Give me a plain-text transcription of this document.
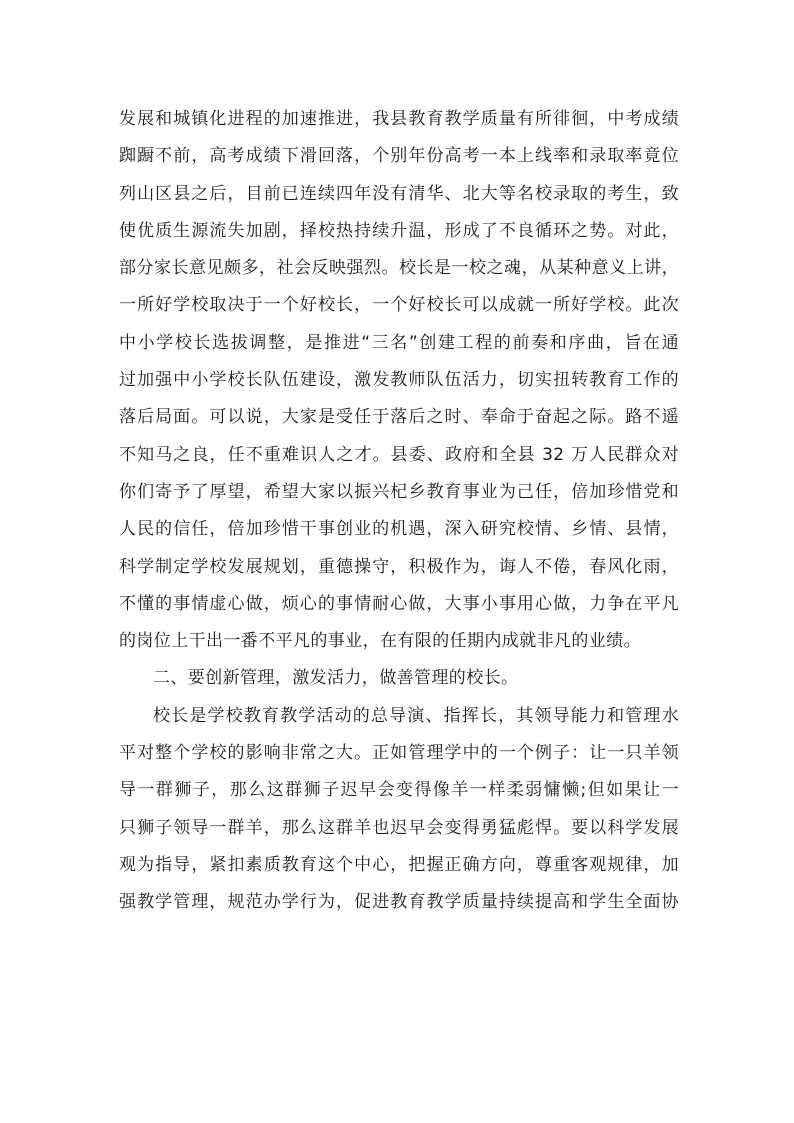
发展和城镇化进程的加速推进，我县教育教学质量有所徘徊，中考成绩
踟蹰不前，高考成绩下滑回落，个别年份高考一本上线率和录取率竟位
列山区县之后，目前已连续四年没有清华、北大等名校录取的考生，致
使优质生源流失加剧，择校热持续升温，形成了不良循环之势。对此，
部分家长意见颇多，社会反映强烈。校长是一校之魂，从某种意义上讲，
一所好学校取决于一个好校长，一个好校长可以成就一所好学校。此次
中小学校长选拔调整，是推进“三名”创建工程的前奏和序曲，旨在通
过加强中小学校长队伍建设，激发教师队伍活力，切实扭转教育工作的
落后局面。可以说，大家是受任于落后之时、奉命于奋起之际。路不遥
不知马之良，任不重难识人之才。县委、政府和全县 32 万人民群众对
你们寄予了厚望，希望大家以振兴杞乡教育事业为己任，倍加珍惜党和
人民的信任，倍加珍惜干事创业的机遇，深入研究校情、乡情、县情，
科学制定学校发展规划，重德操守，积极作为，诲人不倦，春风化雨，
不懂的事情虚心做，烦心的事情耐心做，大事小事用心做，力争在平凡
的岗位上干出一番不平凡的事业，在有限的任期内成就非凡的业绩。
二、要创新管理，激发活力，做善管理的校长。
校长是学校教育教学活动的总导演、指挥长，其领导能力和管理水
平对整个学校的影响非常之大。正如管理学中的一个例子：让一只羊领
导一群狮子，那么这群狮子迟早会变得像羊一样柔弱慵懒;但如果让一
只狮子领导一群羊，那么这群羊也迟早会变得勇猛彪悍。要以科学发展
观为指导，紧扣素质教育这个中心，把握正确方向，尊重客观规律，加
强教学管理，规范办学行为，促进教育教学质量持续提高和学生全面协
